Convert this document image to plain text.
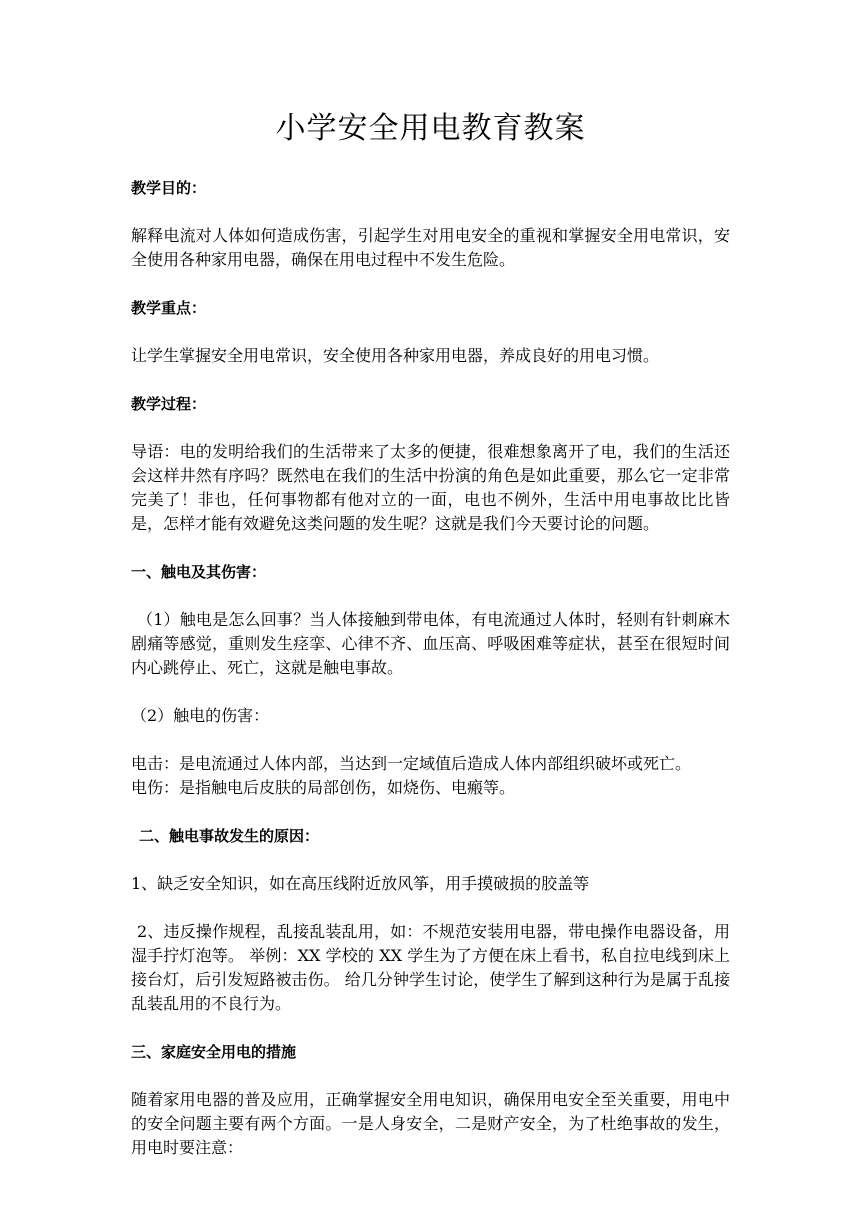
小学安全用电教育教案

教学目的：

解释电流对人体如何造成伤害，引起学生对用电安全的重视和掌握安全用电常识，安全使用各种家用电器，确保在用电过程中不发生危险。

教学重点：

让学生掌握安全用电常识，安全使用各种家用电器，养成良好的用电习惯。

教学过程：

导语：电的发明给我们的生活带来了太多的便捷，很难想象离开了电，我们的生活还会这样井然有序吗？既然电在我们的生活中扮演的角色是如此重要，那么它一定非常完美了！非也，任何事物都有他对立的一面，电也不例外，生活中用电事故比比皆是，怎样才能有效避免这类问题的发生呢？这就是我们今天要讨论的问题。

一、触电及其伤害：

（1）触电是怎么回事？当人体接触到带电体，有电流通过人体时，轻则有针刺麻木剧痛等感觉，重则发生痉挛、心律不齐、血压高、呼吸困难等症状，甚至在很短时间内心跳停止、死亡，这就是触电事故。

（2）触电的伤害：

电击：是电流通过人体内部，当达到一定域值后造成人体内部组织破坏或死亡。

电伤：是指触电后皮肤的局部创伤，如烧伤、电瘢等。

二、触电事故发生的原因：

1、缺乏安全知识，如在高压线附近放风筝，用手摸破损的胶盖等

2、违反操作规程，乱接乱装乱用，如：不规范安装用电器，带电操作电器设备，用湿手拧灯泡等。 举例：XX 学校的 XX 学生为了方便在床上看书，私自拉电线到床上接台灯，后引发短路被击伤。 给几分钟学生讨论，使学生了解到这种行为是属于乱接乱装乱用的不良行为。

三、家庭安全用电的措施

随着家用电器的普及应用，正确掌握安全用电知识，确保用电安全至关重要，用电中的安全问题主要有两个方面。一是人身安全，二是财产安全，为了杜绝事故的发生，用电时要注意：
